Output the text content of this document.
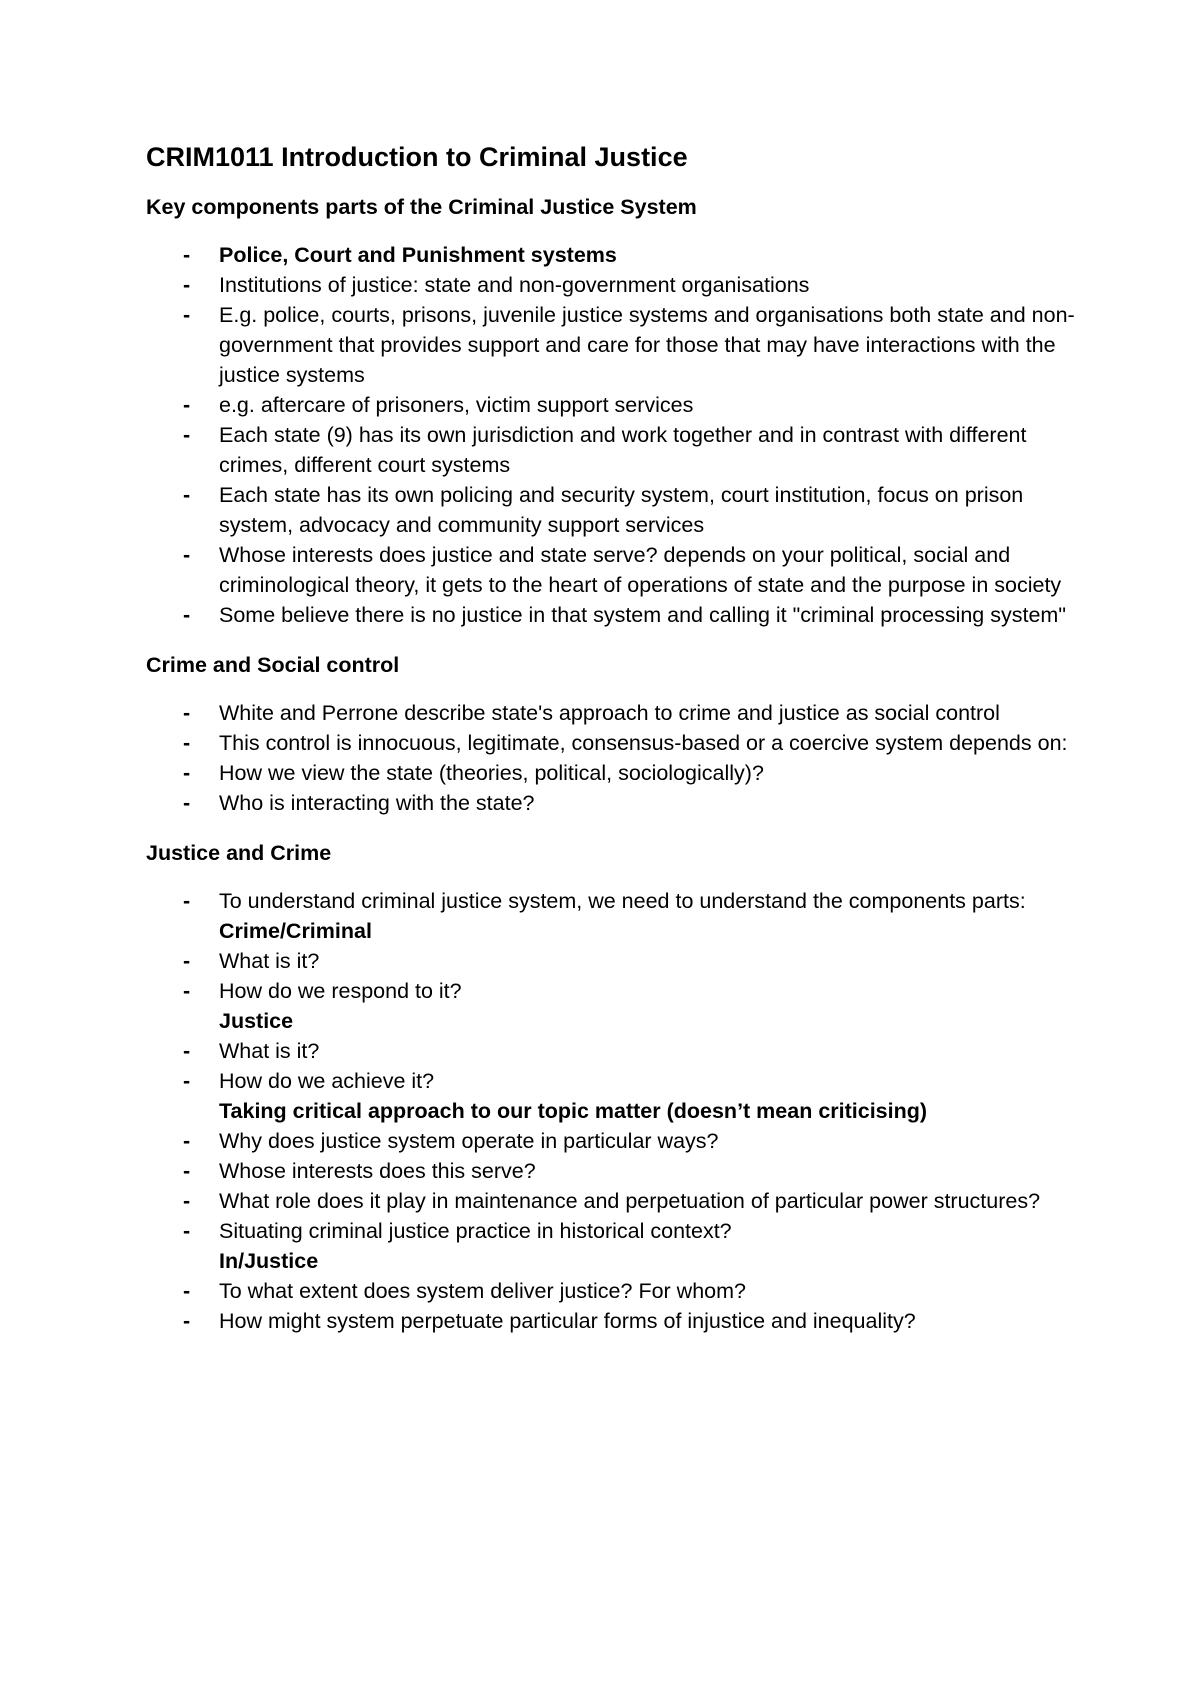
CRIM1011 Introduction to Criminal Justice
Key components parts of the Criminal Justice System
- Police, Court and Punishment systems
- Institutions of justice: state and non-government organisations
- E.g. police, courts, prisons, juvenile justice systems and organisations both state and non-government that provides support and care for those that may have interactions with the justice systems
- e.g. aftercare of prisoners, victim support services
- Each state (9) has its own jurisdiction and work together and in contrast with different crimes, different court systems
- Each state has its own policing and security system, court institution, focus on prison system, advocacy and community support services
- Whose interests does justice and state serve? depends on your political, social and criminological theory, it gets to the heart of operations of state and the purpose in society
- Some believe there is no justice in that system and calling it "criminal processing system"
Crime and Social control
- White and Perrone describe state's approach to crime and justice as social control
- This control is innocuous, legitimate, consensus-based or a coercive system depends on:
- How we view the state (theories, political, sociologically)?
- Who is interacting with the state?
Justice and Crime
- To understand criminal justice system, we need to understand the components parts:
Crime/Criminal
- What is it?
- How do we respond to it?
Justice
- What is it?
- How do we achieve it?
Taking critical approach to our topic matter (doesn’t mean criticising)
- Why does justice system operate in particular ways?
- Whose interests does this serve?
- What role does it play in maintenance and perpetuation of particular power structures?
- Situating criminal justice practice in historical context?
In/Justice
- To what extent does system deliver justice? For whom?
- How might system perpetuate particular forms of injustice and inequality?
